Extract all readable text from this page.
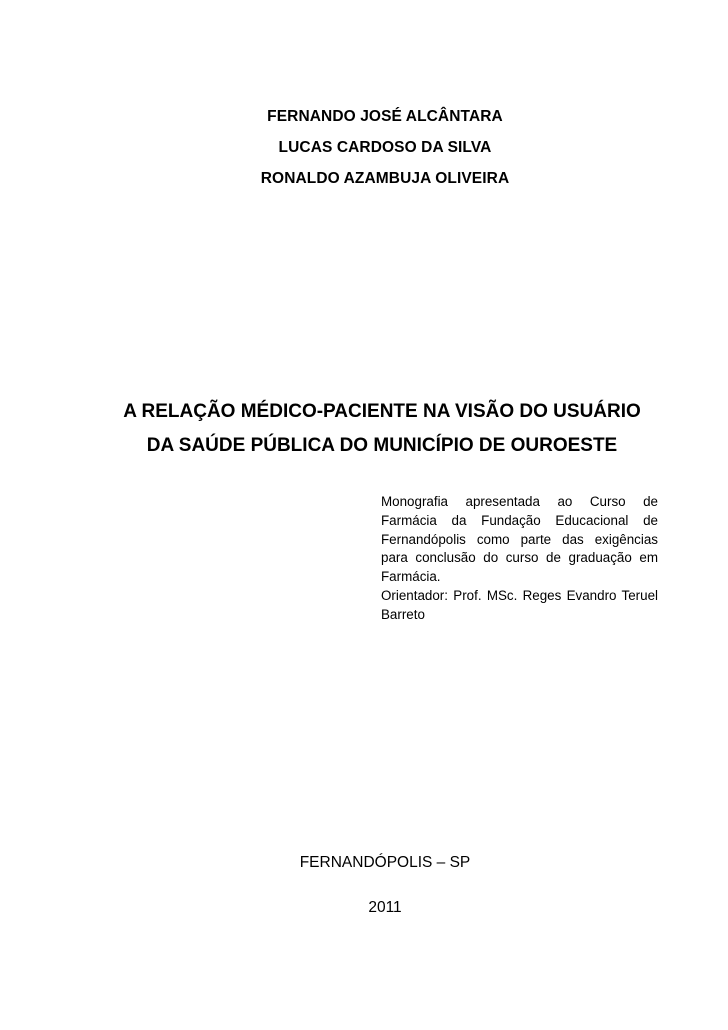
FERNANDO JOSÉ ALCÂNTARA
LUCAS CARDOSO DA SILVA
RONALDO AZAMBUJA OLIVEIRA
A RELAÇÃO MÉDICO-PACIENTE NA VISÃO DO USUÁRIO
DA SAÚDE PÚBLICA DO MUNICÍPIO DE OUROESTE
Monografia apresentada ao Curso de Farmácia da Fundação Educacional de Fernandópolis como parte das exigências para conclusão do curso de graduação em Farmácia.
Orientador: Prof. MSc. Reges Evandro Teruel Barreto
FERNANDÓPOLIS – SP
2011
